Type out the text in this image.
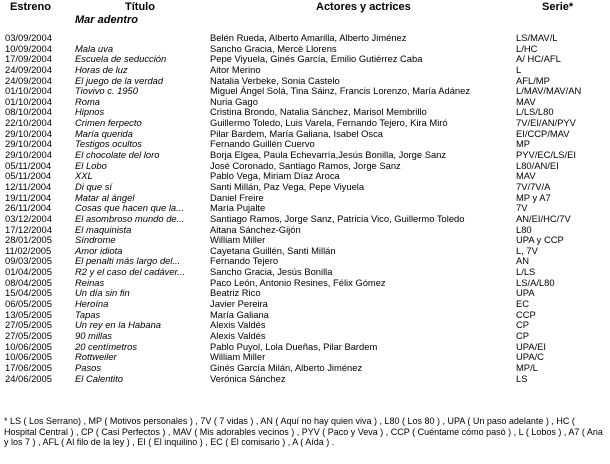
Estreno	Título	Actores y actrices	Serie*
Mar adentro
03/09/2004	Belén Rueda, Alberto Amarilla, Alberto Jiménez	LS/MAV/L
10/09/2004 Mala uva	Sancho Gracia, Mercè Llorens	L/HC
17/09/2004 Escuela de seducción	Pepe Viyuela, Ginés García, Emilio Gutiérrez Caba	A/ HC/AFL
24/09/2004 Horas de luz	Aitor Merino	L
24/09/2004 El juego de la verdad	Natalia Verbeke, Sonia Castelo	AFL/MP
01/10/2004 Tiovivo c. 1950	Miguel Ángel Solá, Tina Sáinz, Francis Lorenzo, María Adánez	L/MAV/MAV/AN
01/10/2004 Roma	Nuria Gago	MAV
08/10/2004 Hipnos	Cristina Brondo, Natalia Sánchez, Marisol Membrillo	L/LS/L80
22/10/2004 Crimen ferpecto	Guillermo Toledo, Luis Varela, Fernando Tejero, Kira Miró	7V/EI/AN/PYV
29/10/2004 María querida	Pilar Bardem, María Galiana, Isabel Osca	EI/CCP/MAV
29/10/2004 Testigos ocultos	Fernando Guillén Cuervo	MP
29/10/2004 El chocolate del loro	Borja Elgea, Paula Echevarría,Jesús Bonilla, Jorge Sanz	PYV/EC/LS/EI
05/11/2004	El Lobo	José Coronado, Santiago Ramos, Jorge Sanz	L80/AN/EI
05/11/2004	XXL	Pablo Vega, Miriam Díaz Aroca	MAV
12/11/2004	Di que sí	Santi Millán, Paz Vega, Pepe Viyuela	7V/7V/A
19/11/2004	Matar al ángel	Daniel Freire	MP y A7
26/11/2004	Cosas que hacen que la...	María Pujalte	7V
03/12/2004 El asombroso mundo de...	Santiago Ramos, Jorge Sanz, Patricia Vico, Guillermo Toledo	AN/EI/HC/7V
17/12/2004 El maquinista	Aitana Sánchez-Gijón	L80
28/01/2005 Síndrome	William Miller	UPA y CCP
11/02/2005	Amor idiota	Cayetana Guillén, Santi Millán	L, 7V
09/03/2005 El penalti más largo del...	Fernando Tejero	AN
01/04/2005 R2 y el caso del cadáver...	Sancho Gracia, Jesús Bonilla	L/LS
08/04/2005 Reinas	Paco León, Antonio Resines, Félix Gómez	LS/A/L80
15/04/2005 Un día sin fin	Beatriz Rico	UPA
06/05/2005 Heroína	Javier Pereira	EC
13/05/2005 Tapas	María Galiana	CCP
27/05/2005 Un rey en la Habana	Alexis Valdés	CP
27/05/2005 90 millas	Alexis Valdés	CP
10/06/2005 20 centímetros	Pablo Puyol, Lola Dueñas, Pilar Bardem	UPA/EI
10/06/2005 Rottweiler	William Miller	UPA/C
17/06/2005 Pasos	Ginés García Milán, Alberto Jiménez	MP/L
24/06/2005 El Calentito	Verónica Sánchez	LS
* LS ( Los Serrano) , MP ( Motivos personales ) , 7V ( 7 vidas ) , AN ( Aquí no hay quien viva ) , L80 ( Los 80 ) , UPA ( Un paso adelante ) , HC ( Hospital Central ) , CP ( Casi Perfectos ) , MAV ( Mis adorables vecinos ) , PYV ( Paco y Veva ) , CCP ( Cuéntame cómo pasó ) , L ( Lobos ) , A7 ( Ana y los 7 ) , AFL ( Al filo de la ley ) , EI ( El inquilino ) , EC ( El comisario ) , A ( Aída ) .
